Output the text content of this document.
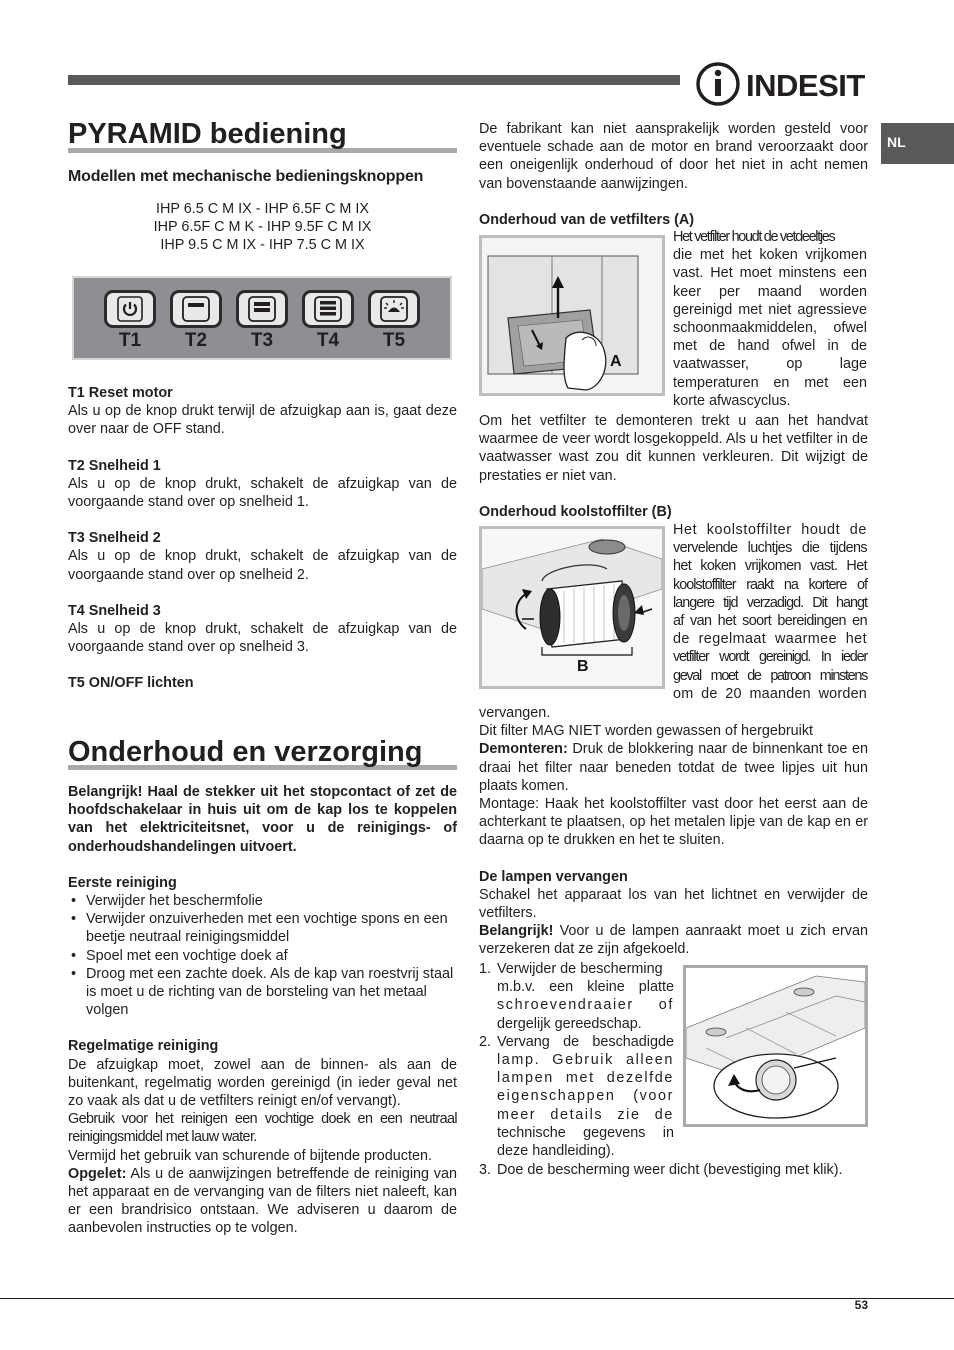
INDESIT
NL
PYRAMID bediening

Modellen met mechanische bedieningsknoppen

IHP 6.5 C M IX - IHP 6.5F C M IX

IHP 6.5F C M K - IHP 9.5F C M IX

IHP 9.5 C M IX - IHP 7.5 C M IX

T1	T2	T3	T4	T5

T1 Reset motor

Als u op de knop drukt terwijl de afzuigkap aan is, gaat deze over naar de OFF stand.

T2 Snelheid 1

Als u op de knop drukt, schakelt de afzuigkap van de voorgaande stand over op snelheid 1.

T3 Snelheid 2

Als u op de knop drukt, schakelt de afzuigkap van de voorgaande stand over op snelheid 2.

T4 Snelheid 3

Als u op de knop drukt, schakelt de afzuigkap van de voorgaande stand over op snelheid 3.

T5 ON/OFF lichten

Onderhoud en verzorging

Belangrijk! Haal de stekker uit het stopcontact of zet de hoofdschakelaar in huis uit om de kap los te koppelen van het elektriciteitsnet, voor u de reinigings- of onderhoudshandelingen uitvoert.

Eerste reiniging

• Verwijder het beschermfolie
• Verwijder onzuiverheden met een vochtige spons en een beetje neutraal reinigingsmiddel
• Spoel met een vochtige doek af
• Droog met een zachte doek. Als de kap van roestvrij staal is moet u de richting van de borsteling van het metaal volgen

Regelmatige reiniging

De afzuigkap moet, zowel aan de binnen- als aan de buitenkant, regelmatig worden gereinigd (in ieder geval net zo vaak als dat u de vetfilters reinigt en/of vervangt).

Gebruik voor het reinigen een vochtige doek en een neutraal reinigingsmiddel met lauw water.

Vermijd het gebruik van schurende of bijtende producten.

Opgelet: Als u de aanwijzingen betreffende de reiniging van het apparaat en de vervanging van de filters niet naleeft, kan er een brandrisico ontstaan. We adviseren u daarom de aanbevolen instructies op te volgen.

De fabrikant kan niet aansprakelijk worden gesteld voor eventuele schade aan de motor en brand veroorzaakt door een oneigenlijk onderhoud of door het niet in acht nemen van bovenstaande aanwijzingen.

Onderhoud van de vetfilters (A)

A

Het vetfilter houdt de vetdeeltjes

die met het koken vrijkomen

vast. Het moet minstens een

keer per maand worden

gereinigd met niet agressieve

schoonmaakmiddelen, ofwel

met de hand ofwel in de

vaatwasser, op lage

temperaturen en met een

korte afwascyclus.

Om het vetfilter te demonteren trekt u aan het handvat waarmee de veer wordt losgekoppeld. Als u het vetfilter in de vaatwasser wast zou dit kunnen verkleuren. Dit wijzigt de prestaties er niet van.

Onderhoud koolstoffilter (B)

B

Het koolstoffilter houdt de

vervelende luchtjes die tijdens

het koken vrijkomen vast. Het

koolstoffilter raakt na kortere of

langere tijd verzadigd. Dit hangt

af van het soort bereidingen en

de regelmaat waarmee het

vetfilter wordt gereinigd. In ieder

geval moet de patroon minstens

om de 20 maanden worden

vervangen.

Dit filter MAG NIET worden gewassen of hergebruikt

Demonteren: Druk de blokkering naar de binnenkant toe en draai het filter naar beneden totdat de twee lipjes uit hun plaats komen.

Montage: Haak het koolstoffilter vast door het eerst aan de achterkant te plaatsen, op het metalen lipje van de kap en er daarna op te drukken en het te sluiten.

De lampen vervangen

Schakel het apparaat los van het lichtnet en verwijder de vetfilters.

Belangrijk! Voor u de lampen aanraakt moet u zich ervan verzekeren dat ze zijn afgekoeld.

1. Verwijder de bescherming

m.b.v. een kleine platte

schroevendraaier of

dergelijk gereedschap.

2. Vervang de beschadigde

lamp. Gebruik alleen

lampen met dezelfde

eigenschappen (voor

meer details zie de

technische gegevens in

deze handleiding).

3. Doe de bescherming weer dicht (bevestiging met klik).

53
